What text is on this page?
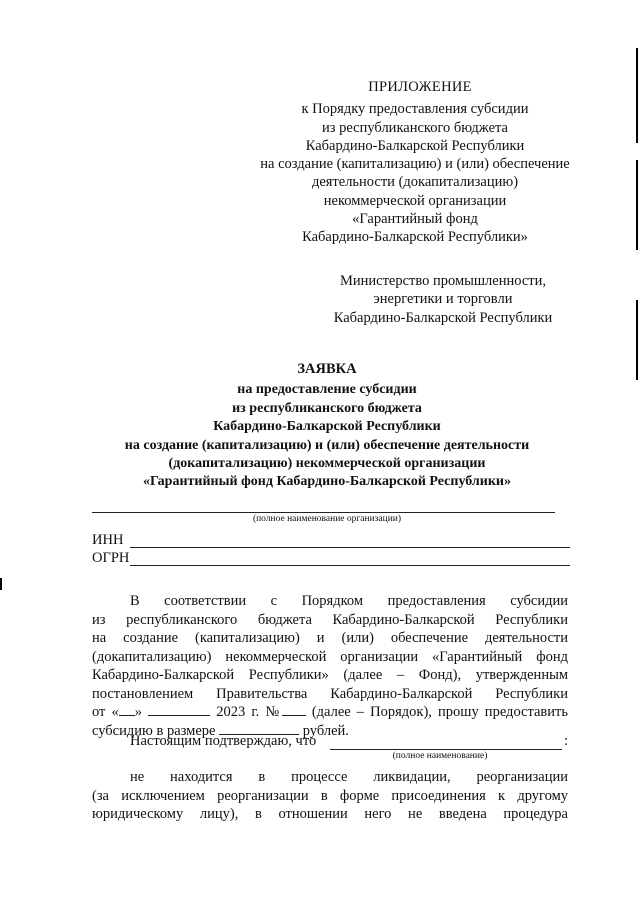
ПРИЛОЖЕНИЕ
к Порядку предоставления субсидии
из республиканского бюджета
Кабардино-Балкарской Республики
на создание (капитализацию) и (или) обеспечение
деятельности (докапитализацию)
некоммерческой организации
«Гарантийный фонд
Кабардино-Балкарской Республики»
Министерство промышленности,
энергетики и торговли
Кабардино-Балкарской Республики
ЗАЯВКА
на предоставление субсидии
из республиканского бюджета
Кабардино-Балкарской Республики
на создание (капитализацию) и (или) обеспечение деятельности
(докапитализацию) некоммерческой организации
«Гарантийный фонд Кабардино-Балкарской Республики»
(полное наименование организации)
ИНН
ОГРН
В соответствии с Порядком предоставления субсидии
из республиканского бюджета Кабардино-Балкарской Республики
на создание (капитализацию) и (или) обеспечение деятельности
(докапитализацию) некоммерческой организации «Гарантийный фонд
Кабардино-Балкарской Республики» (далее – Фонд), утвержденным
постановлением Правительства Кабардино-Балкарской Республики
от « »	2023 г. № (далее – Порядок), прошу предоставить
субсидию в размере	рублей.
Настоящим подтверждаю, что	:
(полное наименование)
не находится в процессе ликвидации, реорганизации
(за исключением реорганизации в форме присоединения к другому
юридическому лицу), в отношении него не введена процедура
